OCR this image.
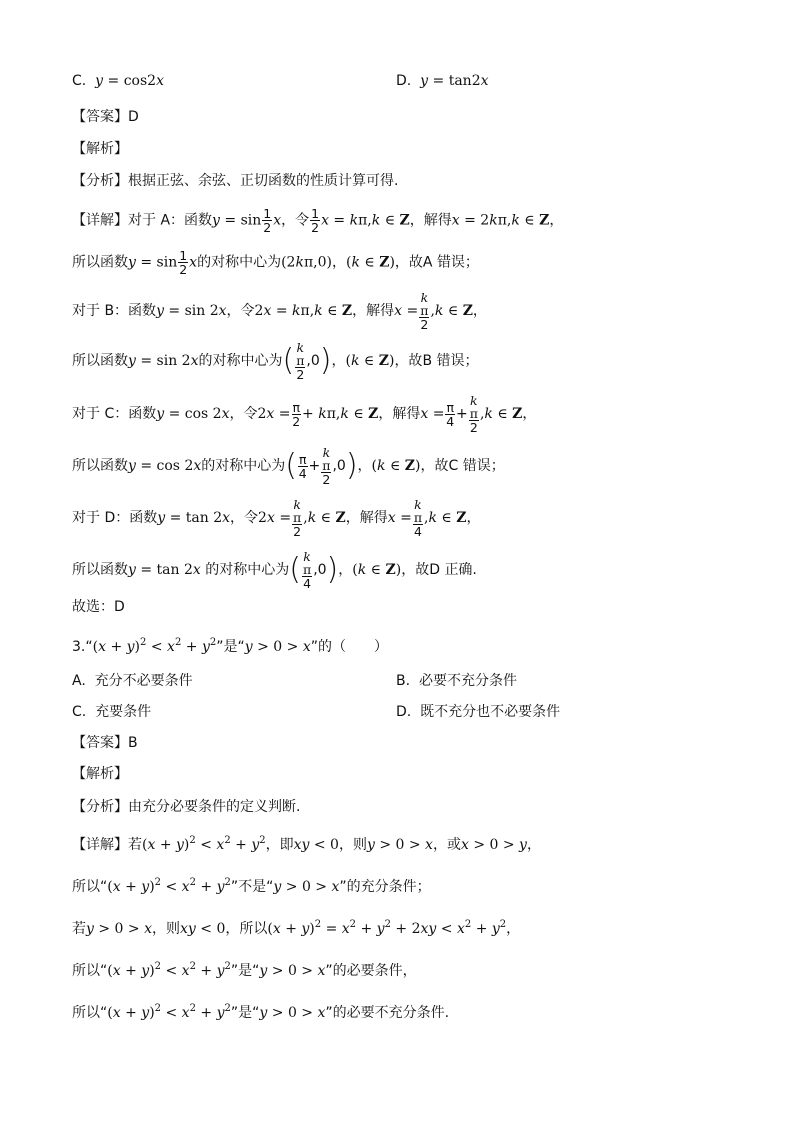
C. y = cos2x	D. y = tan2x
【答案】D
【解析】
【分析】根据正弦、余弦、正切函数的性质计算可得.
【详解】对于 A：函数$y = \sin \frac{1}{2}$ x，令 $\frac{1}{2}$ x = kπ,k ∈ Z，解得x = 2kπ,k ∈ Z，
所以函数$y = \sin \frac{1}{2}$ x的对称中心为(2kπ,0)，(k ∈ Z)，故A 错误；
对于 B：函数y = sin 2x，令2x = kπ,k ∈ Z，解得x = k
π
2 ,k ∈ Z，
所以函数y = sin 2x的对称中心为( k
π
2 ,0)，(k ∈ Z)，故B 错误；
对于 C：函数y = cos 2x，令$2x = \frac{\pi}{2} + k\pi,k$ ∈ Z，解得$x = \frac{\pi}{4} + k$
π
2 ,k ∈ Z，
所以函数y = cos 2x的对称中心为( $\frac{\pi}{4} + k$
π
2 ,0)，(k ∈ Z)，故C 错误；
对于 D：函数y = tan 2x，令2x = k
π
2 ,k ∈ Z，解得x = k
π
4 ,k ∈ Z，
所以函数y = tan 2x 的对称中心为( k
π
4 ,0)，(k ∈ Z)，故D 正确.
故选：D
3.“(x + $y)^2 < x^2 + y^2$”是“y > 0 > x”的（　　）
A. 充分不必要条件	B. 必要不充分条件
C. 充要条件	D. 既不充分也不必要条件
【答案】B
【解析】
【分析】由充分必要条件的定义判断.
【详解】若$(x + y)^2 < x^2 + y^2$，即xy < 0，则y > 0 > x，或x > 0 > y，
所以“$(x + y)^2 < x^2 + y^2$”不是“y > 0 > x”的充分条件；
若y > 0 > x，则xy < 0，所以$(x + y)^2 = x^2 + y^2 + 2xy < x^2 + y^2$，
所以“$(x + y)^2 < x^2 + y^2$”是“y > 0 > x”的必要条件，
所以“$(x + y)^2 < x^2 + y^2$”是“y > 0 > x”的必要不充分条件.
